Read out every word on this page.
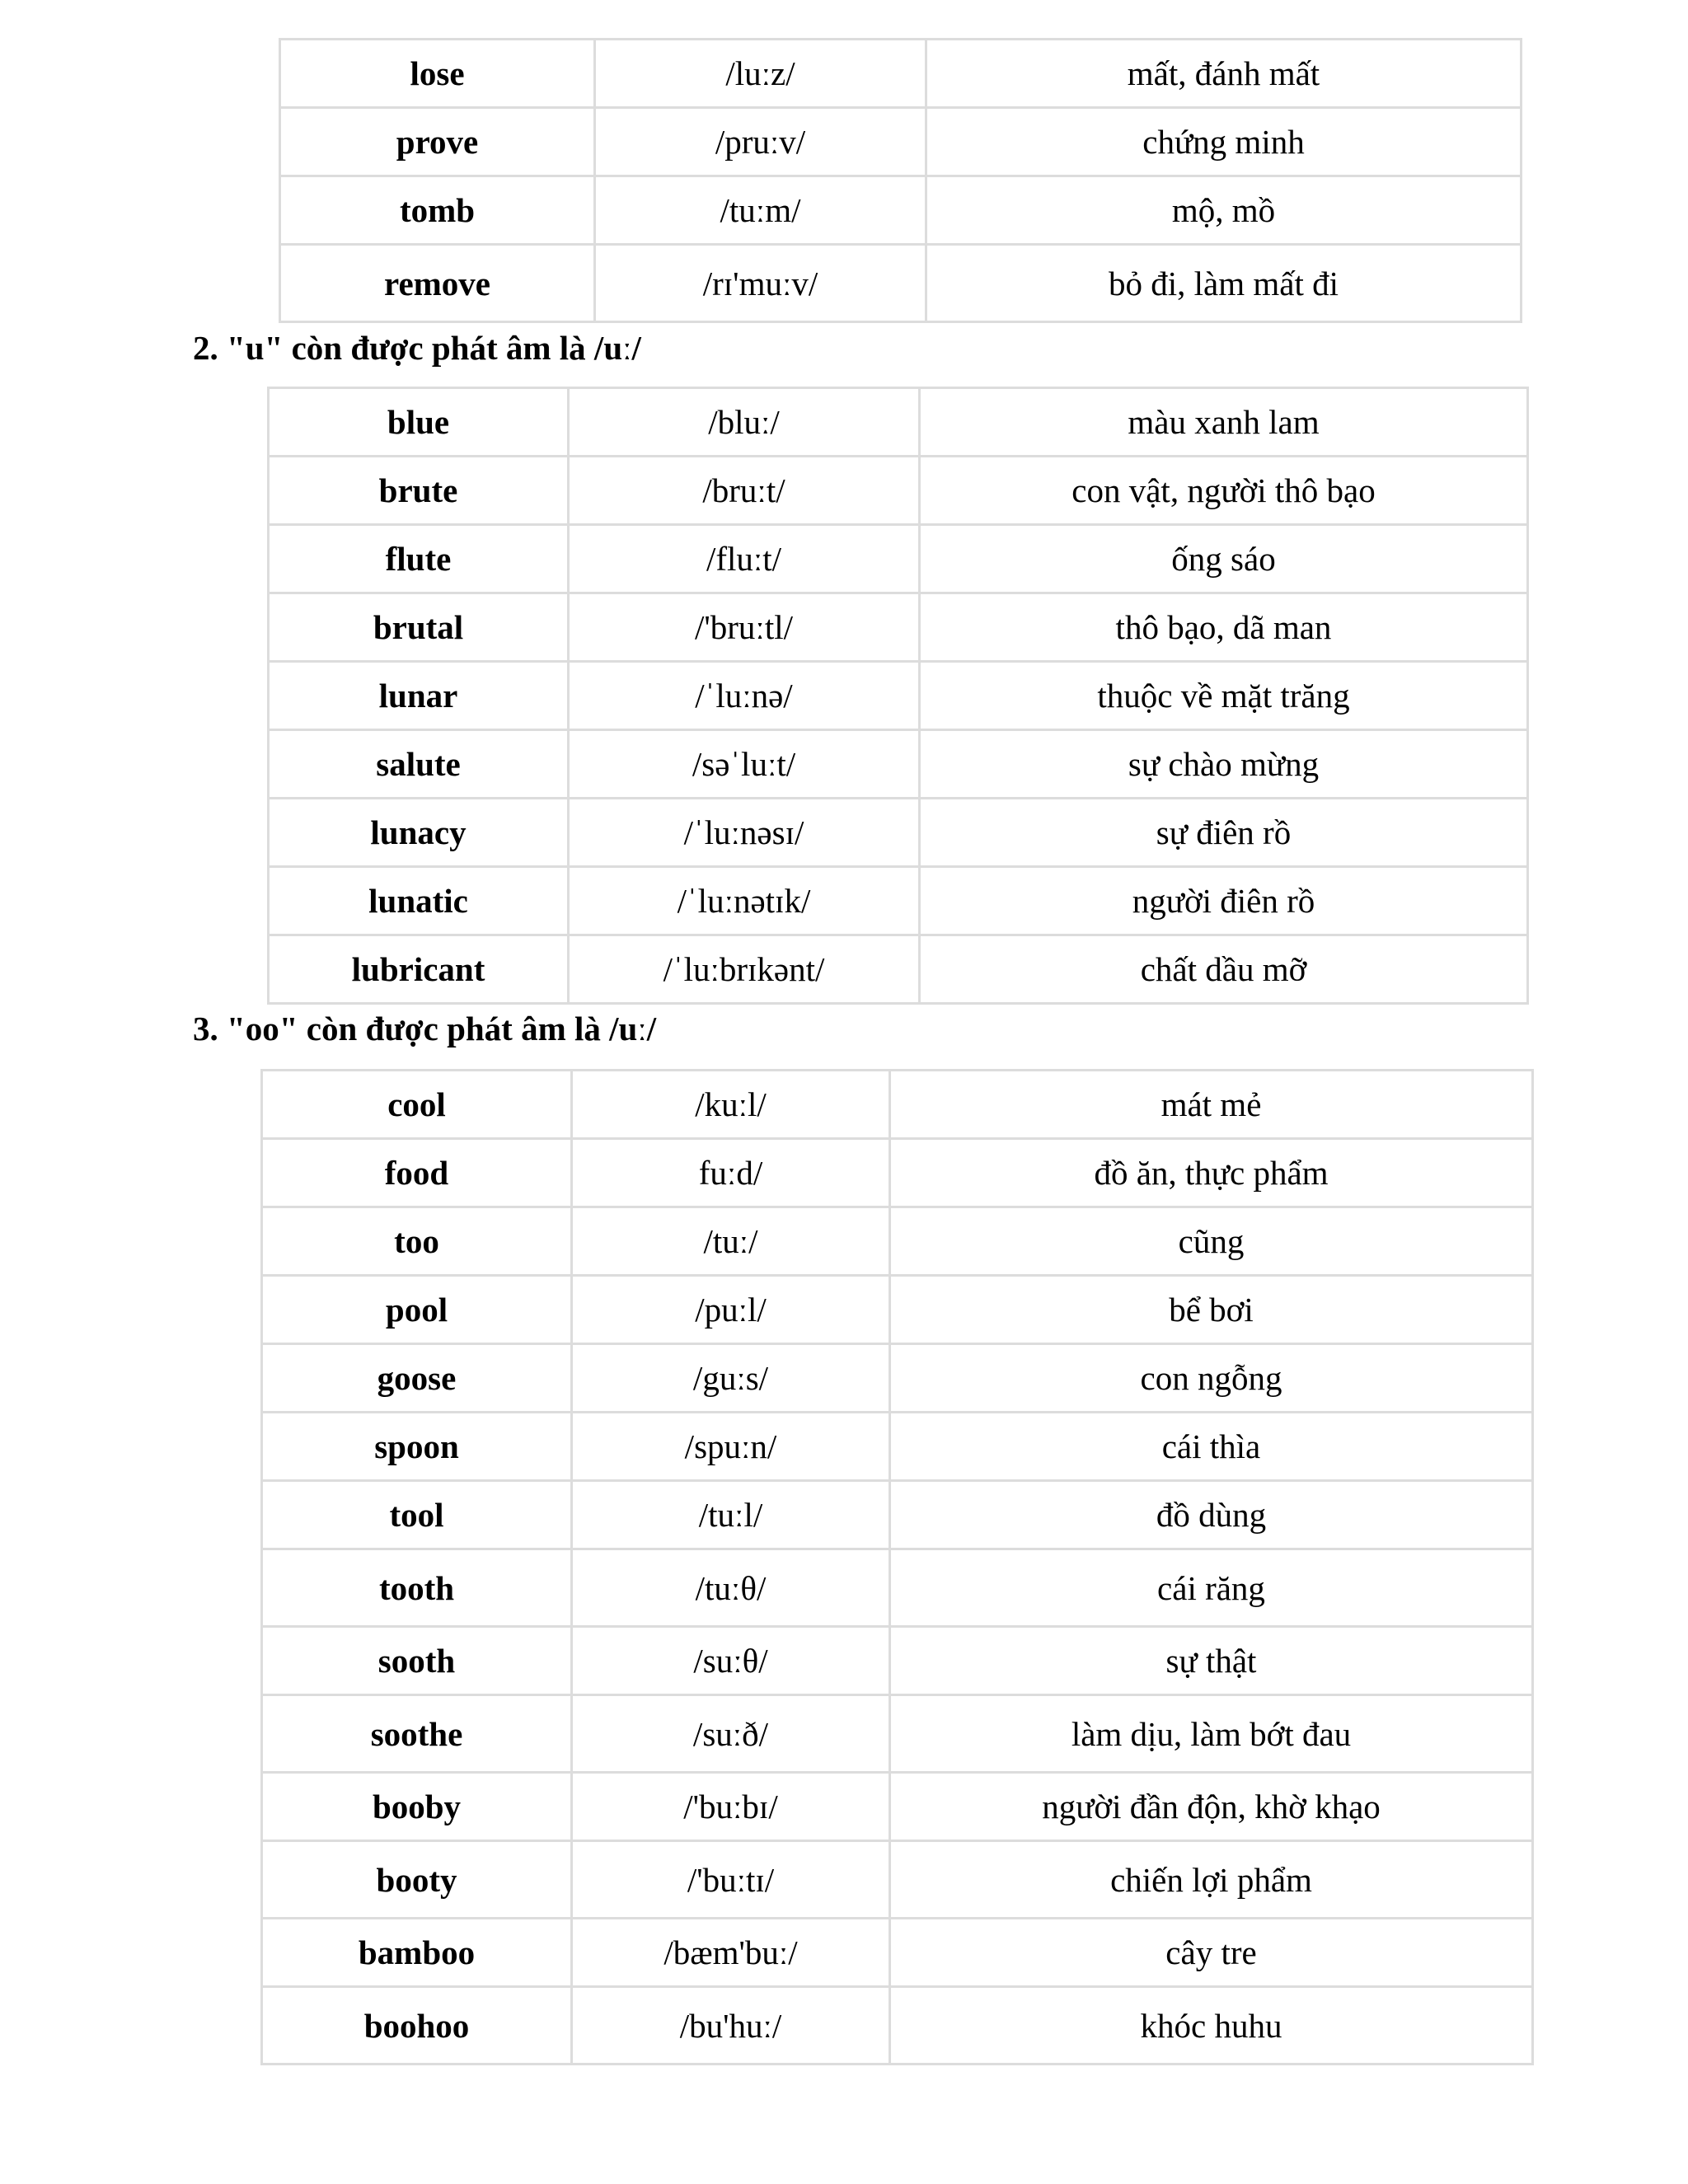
lose	/luːz/	mất, đánh mất
prove	/pruːv/	chứng minh
tomb	/tuːm/	mộ, mồ
remove	/rɪ'muːv/	bỏ đi, làm mất đi
2. "u" còn được phát âm là /uː/
blue	/bluː/	màu xanh lam
brute	/bruːt/	con vật, người thô bạo
flute	/fluːt/	ống sáo
brutal	/'bruːtl/	thô bạo, dã man
lunar	/ˈluːnə/	thuộc về mặt trăng
salute	/səˈluːt/	sự chào mừng
lunacy	/ˈluːnəsɪ/	sự điên rồ
lunatic	/ˈluːnətɪk/	người điên rồ
lubricant	/ˈluːbrɪkənt/	chất dầu mỡ
3. "oo" còn được phát âm là /uː/
cool	/kuːl/	mát mẻ
food	fuːd/	đồ ăn, thực phẩm
too	/tuː/	cũng
pool	/puːl/	bể bơi
goose	/guːs/	con ngỗng
spoon	/spuːn/	cái thìa
tool	/tuːl/	đồ dùng
tooth	/tuːθ/	cái răng
sooth	/suːθ/	sự thật
soothe	/suːð/	làm dịu, làm bớt đau
booby	/'buːbɪ/	người đần độn, khờ khạo
booty	/'buːtɪ/	chiến lợi phẩm
bamboo	/bæm'buː/	cây tre
boohoo	/bu'huː/	khóc huhu
